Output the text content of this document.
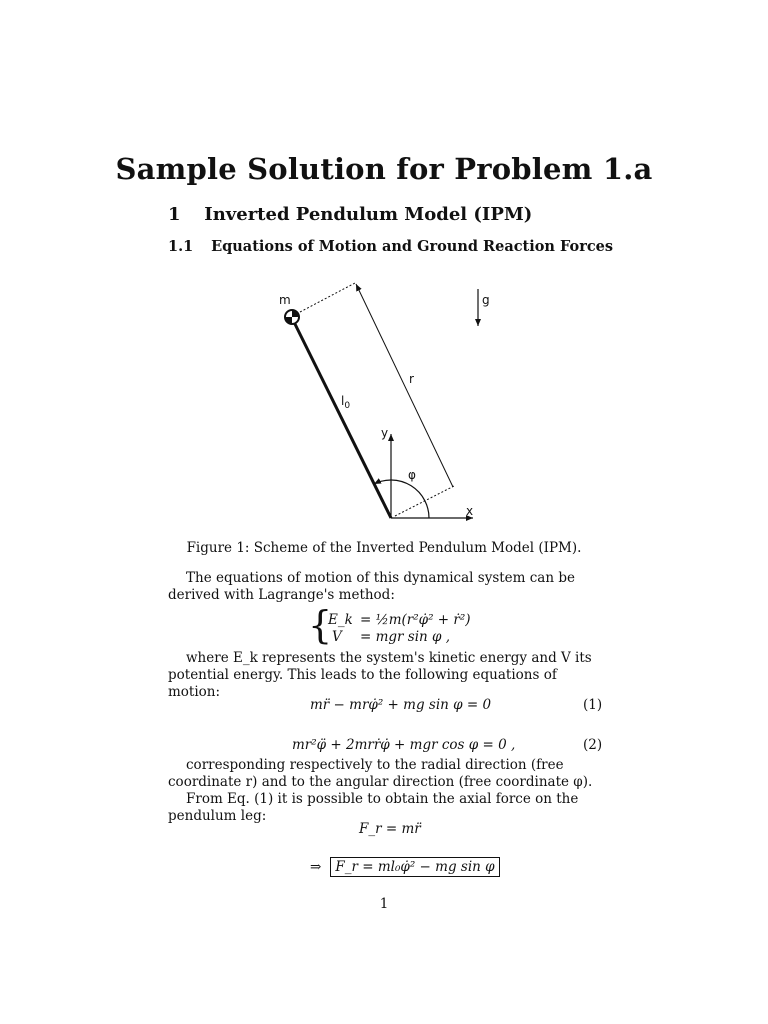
Sample Solution for Problem 1.a
1 Inverted Pendulum Model (IPM)
1.1 Equations of Motion and Ground Reaction Forces
m	g
r
$l_0$
y
φ
x
Figure 1: Scheme of the Inverted Pendulum Model (IPM).
The equations of motion of this dynamical system can be derived with Lagrange's method:
{
E_k = ½m(r²φ̇² + ṙ²)
V = mgr sin φ ,
where E_k represents the system's kinetic energy and V its potential energy. This leads to the following equations of motion:
mr̈ − mrφ̇² + mg sin φ = 0	(1)
mr²φ̈ + 2mrṙφ̇ + mgr cos φ = 0 ,	(2)
corresponding respectively to the radial direction (free coordinate r) and to the angular direction (free coordinate φ).
From Eq. (1) it is possible to obtain the axial force on the pendulum leg:
F_r = mr̈
⇒ F_r = ml₀φ̇² − mg sin φ
1
